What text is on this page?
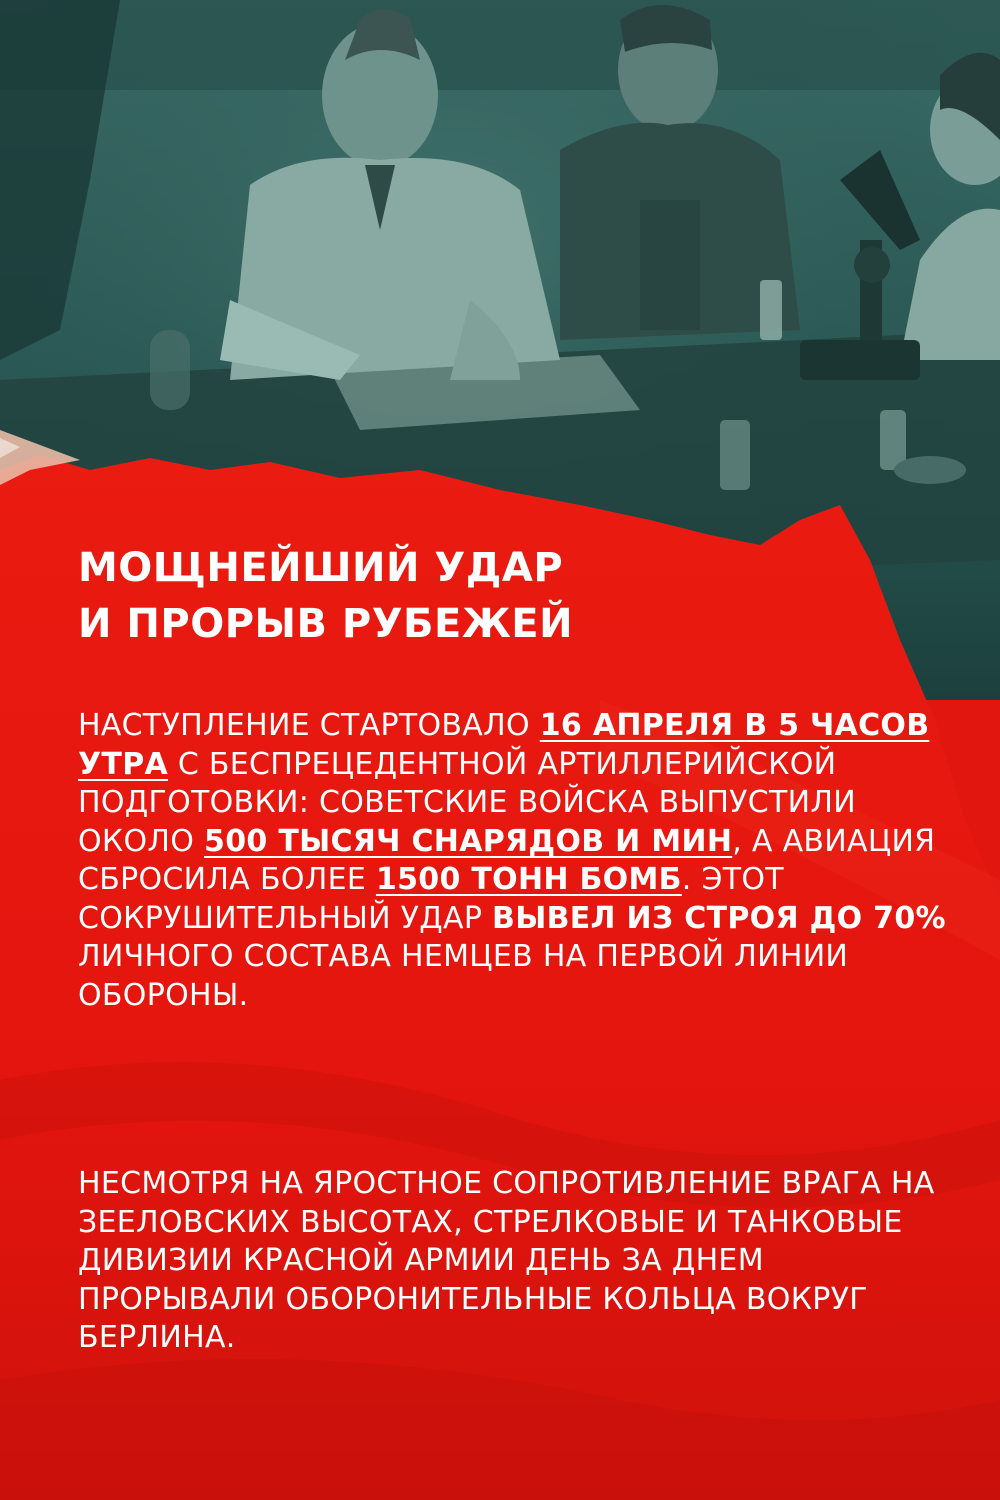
МОЩНЕЙШИЙ УДАР
И ПРОРЫВ РУБЕЖЕЙ

НАСТУПЛЕНИЕ СТАРТОВАЛО 16 АПРЕЛЯ В 5 ЧАСОВ УТРА С БЕСПРЕЦЕДЕНТНОЙ АРТИЛЛЕРИЙСКОЙ ПОДГОТОВКИ: СОВЕТСКИЕ ВОЙСКА ВЫПУСТИЛИ ОКОЛО 500 ТЫСЯЧ СНАРЯДОВ И МИН, А АВИАЦИЯ СБРОСИЛА БОЛЕЕ 1500 ТОНН БОМБ. ЭТОТ СОКРУШИТЕЛЬНЫЙ УДАР ВЫВЕЛ ИЗ СТРОЯ ДО 70% ЛИЧНОГО СОСТАВА НЕМЦЕВ НА ПЕРВОЙ ЛИНИИ ОБОРОНЫ.

НЕСМОТРЯ НА ЯРОСТНОЕ СОПРОТИВЛЕНИЕ ВРАГА НА ЗЕЕЛОВСКИХ ВЫСОТАХ, СТРЕЛКОВЫЕ И ТАНКОВЫЕ ДИВИЗИИ КРАСНОЙ АРМИИ ДЕНЬ ЗА ДНЕМ ПРОРЫВАЛИ ОБОРОНИТЕЛЬНЫЕ КОЛЬЦА ВОКРУГ БЕРЛИНА.
